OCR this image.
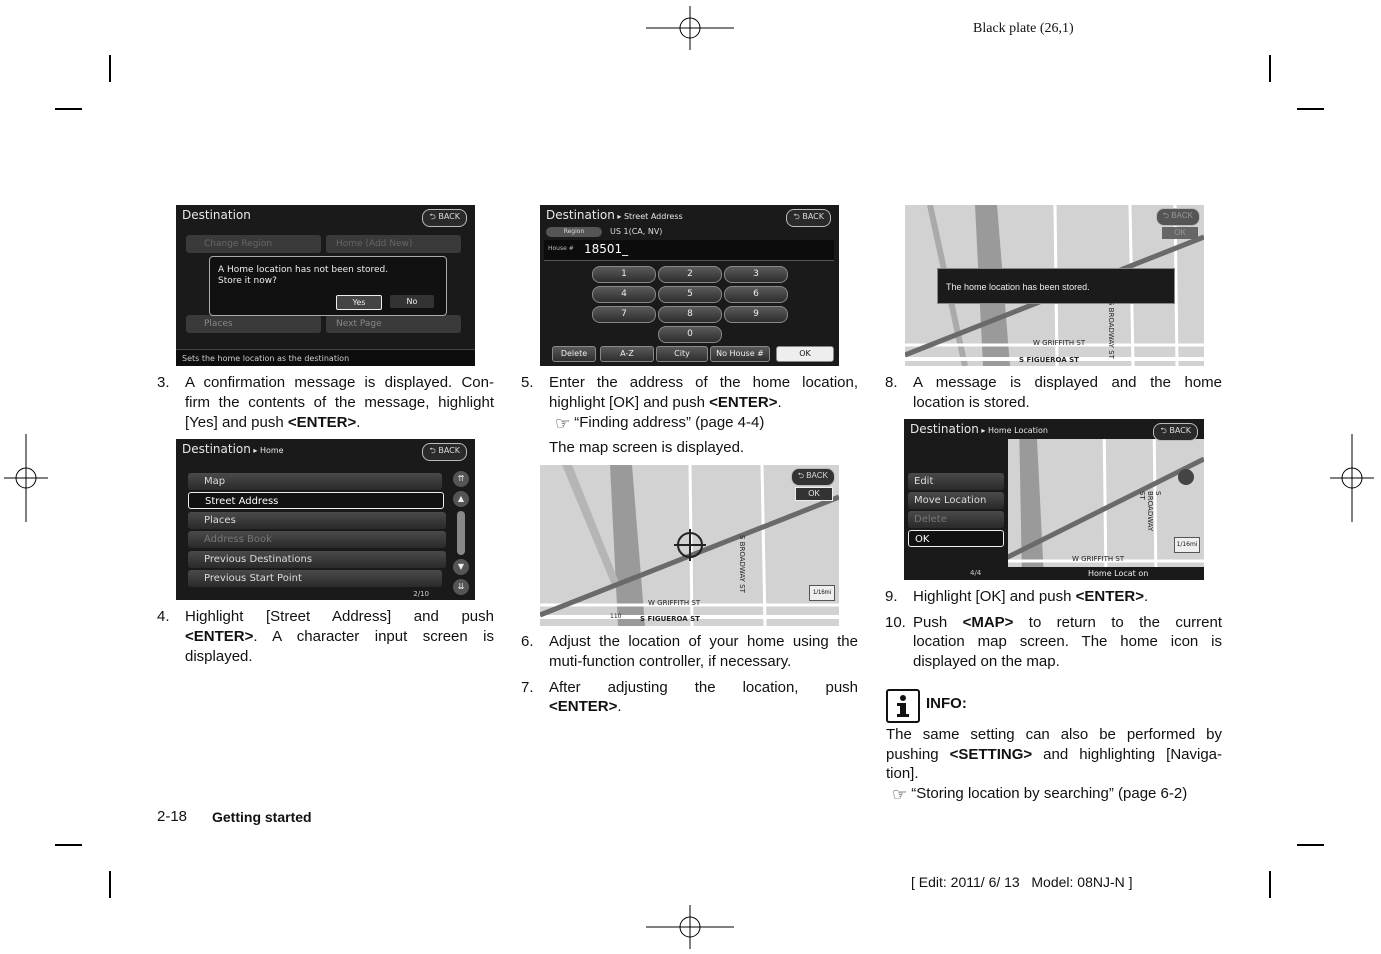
Black plate (26,1)
Destination	⮌ BACK
Change Region	Home (Add New)
Places	Next Page
A Home location has not been stored.
Store it now?
Yes	No
Sets the home location as the destination
Destination ▸ Home	⮌ BACK
Map
Street Address
Places
Address Book
Previous Destinations
Previous Start Point
⇈
▲
▼
⇊
2/10
Destination ▸ Street Address	⮌ BACK
Region	US 1(CA, NV)
House # 18501_
1	2	3
4	5	6
7	8	9
0
Delete	A-Z	City	No House #	OK
⮌ BACK
OK
1/16mi
W GRIFFITH ST
S FIGUEROA ST
S BROADWAY ST
110
⮌ BACK
OK
The home location has been stored.
W GRIFFITH ST
S FIGUEROA ST
S BROADWAY ST
Destination ▸ Home Location	⮌ BACK
Edit
Move Location
Delete
OK
4/4	Home Locat on
1/16mi
W GRIFFITH ST
S BROADWAY ST
3. A confirmation message is displayed. Con-
firm the contents of the message, highlight
[Yes] and push <ENTER>.
4. Highlight [Street Address] and push
<ENTER>. A character input screen is
displayed.
5. Enter the address of the home location,
highlight [OK] and push <ENTER>.
☞ “Finding address” (page 4-4)
The map screen is displayed.
6. Adjust the location of your home using the
muti-function controller, if necessary.
7. After adjusting the location, push
<ENTER>.
8. A message is displayed and the home
location is stored.
9. Highlight [OK] and push <ENTER>.
10. Push <MAP> to return to the current
location map screen. The home icon is
displayed on the map.
INFO:
The same setting can also be performed by
pushing <SETTING> and highlighting [Naviga-
tion].
☞ “Storing location by searching” (page 6-2)
2-18 Getting started
[ Edit: 2011/ 6/ 13 Model: 08NJ-N ]
